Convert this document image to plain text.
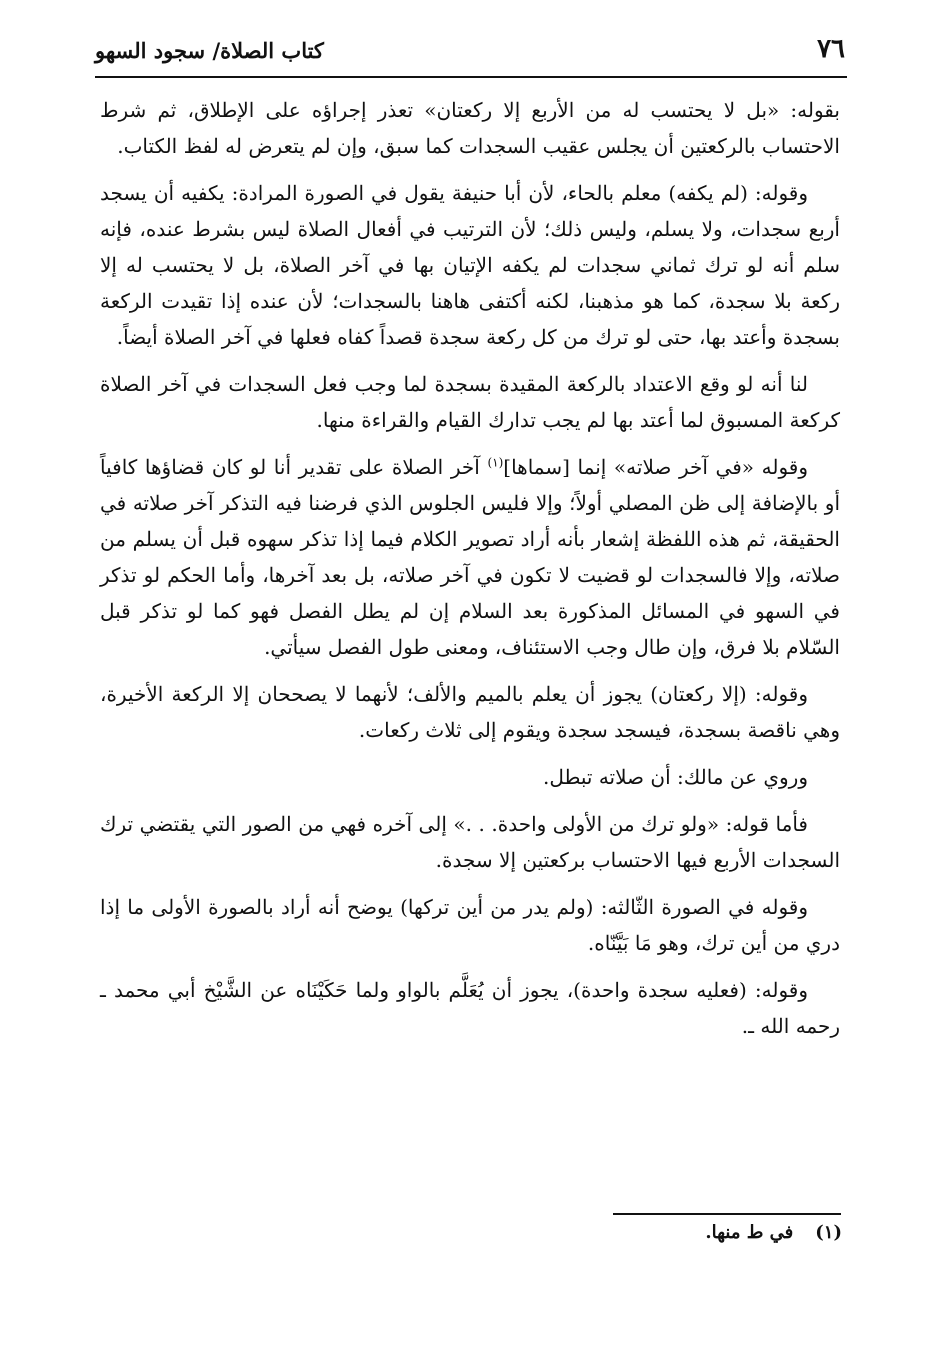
٧٦
كتاب الصلاة/ سجود السهو

بقوله: «بل لا يحتسب له من الأربع إلا ركعتان» تعذر إجراؤه على الإطلاق، ثم شرط الاحتساب بالركعتين أن يجلس عقيب السجدات كما سبق، وإن لم يتعرض له لفظ الكتاب.

وقوله: (لم يكفه) معلم بالحاء، لأن أبا حنيفة يقول في الصورة المرادة: يكفيه أن يسجد أربع سجدات، ولا يسلم، وليس ذلك؛ لأن الترتيب في أفعال الصلاة ليس بشرط عنده، فإنه سلم أنه لو ترك ثماني سجدات لم يكفه الإتيان بها في آخر الصلاة، بل لا يحتسب له إلا ركعة بلا سجدة، كما هو مذهبنا، لكنه أكتفى هاهنا بالسجدات؛ لأن عنده إذا تقيدت الركعة بسجدة وأعتد بها، حتى لو ترك من كل ركعة سجدة قصداً كفاه فعلها في آخر الصلاة أيضاً.

لنا أنه لو وقع الاعتداد بالركعة المقيدة بسجدة لما وجب فعل السجدات في آخر الصلاة كركعة المسبوق لما أعتد بها لم يجب تدارك القيام والقراءة منها.

وقوله «في آخر صلاته» إنما [سماها]$^{(١)}$ آخر الصلاة على تقدير أنا لو كان قضاؤها كافياً أو بالإضافة إلى ظن المصلي أولاً؛ وإلا فليس الجلوس الذي فرضنا فيه التذكر آخر صلاته في الحقيقة، ثم هذه اللفظة إشعار بأنه أراد تصوير الكلام فيما إذا تذكر سهوه قبل أن يسلم من صلاته، وإلا فالسجدات لو قضيت لا تكون في آخر صلاته، بل بعد آخرها، وأما الحكم لو تذكر في السهو في المسائل المذكورة بعد السلام إن لم يطل الفصل فهو كما لو تذكر قبل السّلام بلا فرق، وإن طال وجب الاستئناف، ومعنى طول الفصل سيأتي.

وقوله: (إلا ركعتان) يجوز أن يعلم بالميم والألف؛ لأنهما لا يصححان إلا الركعة الأخيرة، وهي ناقصة بسجدة، فيسجد سجدة ويقوم إلى ثلاث ركعات.

وروي عن مالك: أن صلاته تبطل.

فأما قوله: «ولو ترك من الأولى واحدة. . .» إلى آخره فهي من الصور التي يقتضي ترك السجدات الأربع فيها الاحتساب بركعتين إلا سجدة.

وقوله في الصورة الثّالثه: (ولم يدر من أين تركها) يوضح أنه أراد بالصورة الأولى ما إذا دري من أين ترك، وهو مَا بَيَّنّاه.

وقوله: (فعليه سجدة واحدة)، يجوز أن يُعَلَّم بالواو ولما حَكَيْنَاه عن الشَّيْخ أبي محمد ـ رحمه الله ـ.

(١)في ط منها.
